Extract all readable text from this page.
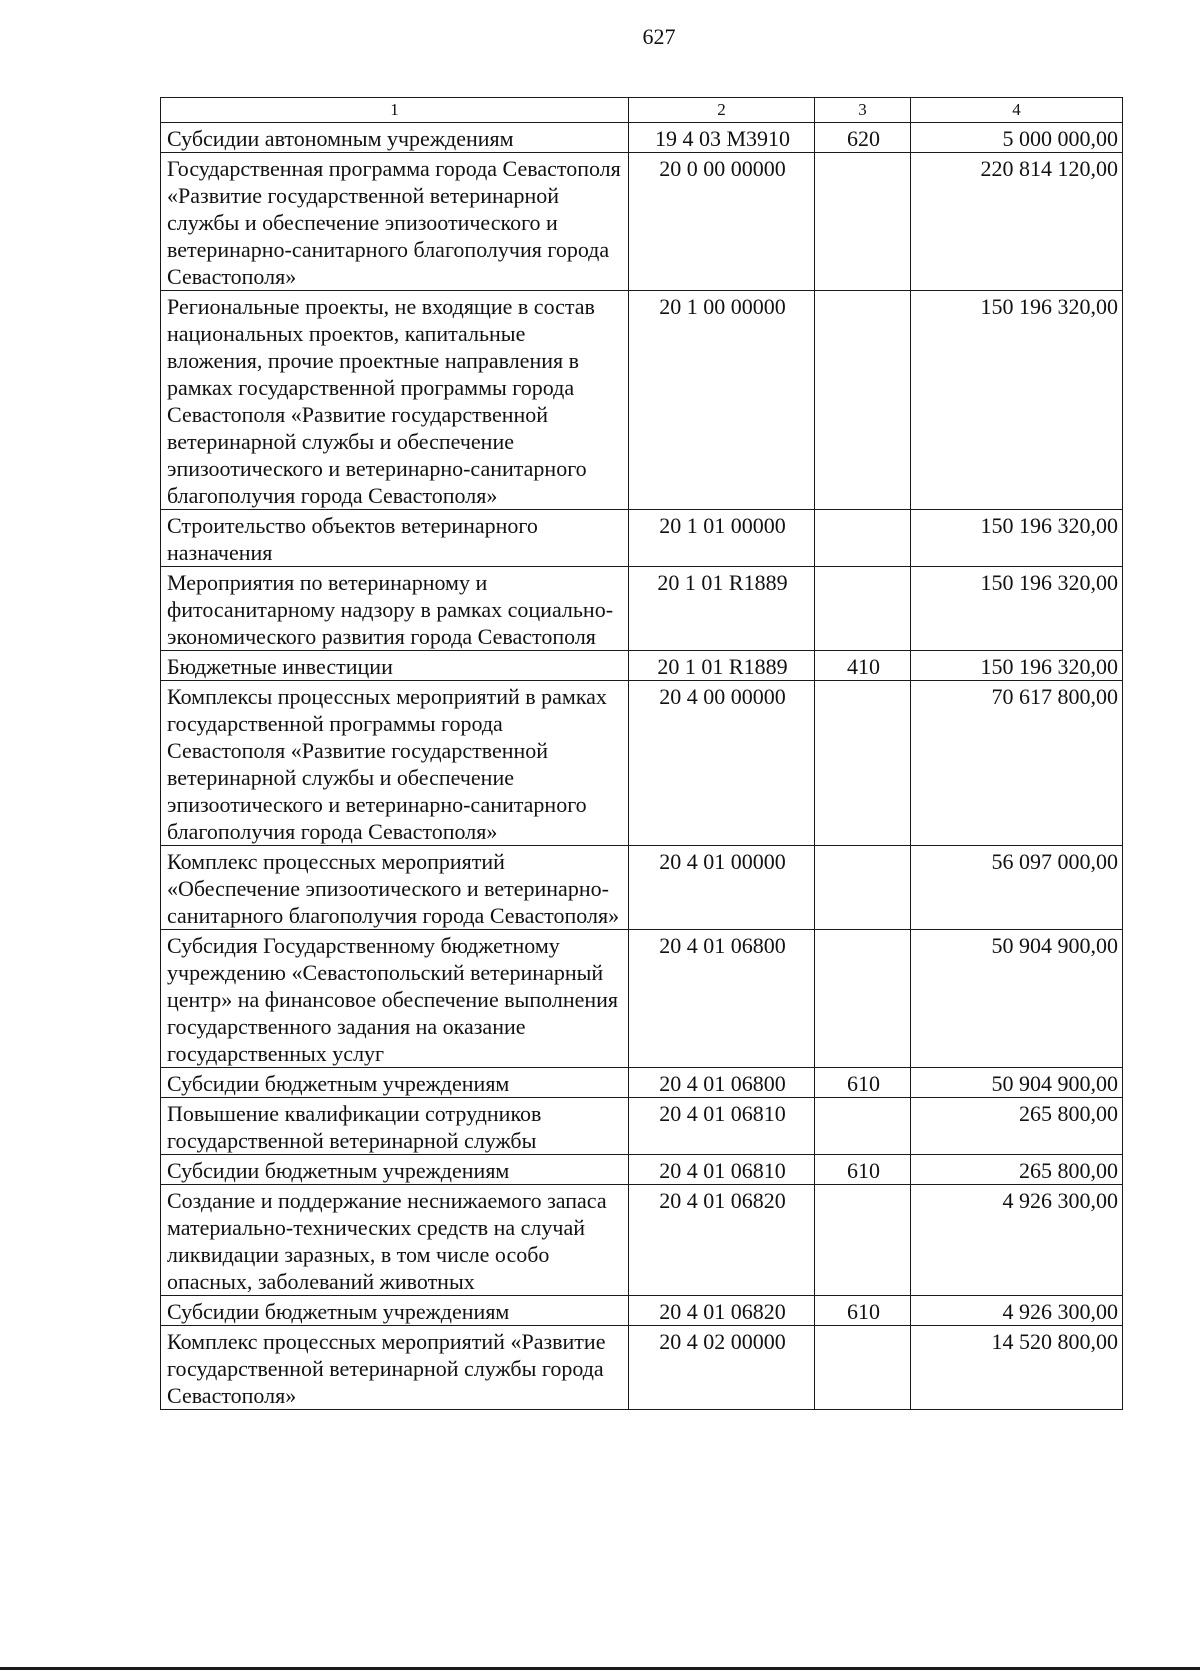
627
1	2	3	4
Субсидии автономным учреждениям	19 4 03 М3910	620	5 000 000,00
Государственная программа города Севастополя «Развитие государственной ветеринарной службы и обеспечение эпизоотического и ветеринарно-санитарного благополучия города Севастополя»	20 0 00 00000		220 814 120,00
Региональные проекты, не входящие в состав национальных проектов, капитальные вложения, прочие проектные направления в рамках государственной программы города Севастополя «Развитие государственной ветеринарной службы и обеспечение эпизоотического и ветеринарно-санитарного благополучия города Севастополя»	20 1 00 00000		150 196 320,00
Строительство объектов ветеринарного назначения	20 1 01 00000		150 196 320,00
Мероприятия по ветеринарному и фитосанитарному надзору в рамках социально-экономического развития города Севастополя	20 1 01 R1889		150 196 320,00
Бюджетные инвестиции	20 1 01 R1889	410	150 196 320,00
Комплексы процессных мероприятий в рамках государственной программы города Севастополя «Развитие государственной ветеринарной службы и обеспечение эпизоотического и ветеринарно-санитарного благополучия города Севастополя»	20 4 00 00000		70 617 800,00
Комплекс процессных мероприятий «Обеспечение эпизоотического и ветеринарно-санитарного благополучия города Севастополя»	20 4 01 00000		56 097 000,00
Субсидия Государственному бюджетному учреждению «Севастопольский ветеринарный центр» на финансовое обеспечение выполнения государственного задания на оказание государственных услуг	20 4 01 06800		50 904 900,00
Субсидии бюджетным учреждениям	20 4 01 06800	610	50 904 900,00
Повышение квалификации сотрудников государственной ветеринарной службы	20 4 01 06810		265 800,00
Субсидии бюджетным учреждениям	20 4 01 06810	610	265 800,00
Создание и поддержание неснижаемого запаса материально-технических средств на случай ликвидации заразных, в том числе особо опасных, заболеваний животных	20 4 01 06820		4 926 300,00
Субсидии бюджетным учреждениям	20 4 01 06820	610	4 926 300,00
Комплекс процессных мероприятий «Развитие государственной ветеринарной службы города Севастополя»	20 4 02 00000		14 520 800,00
